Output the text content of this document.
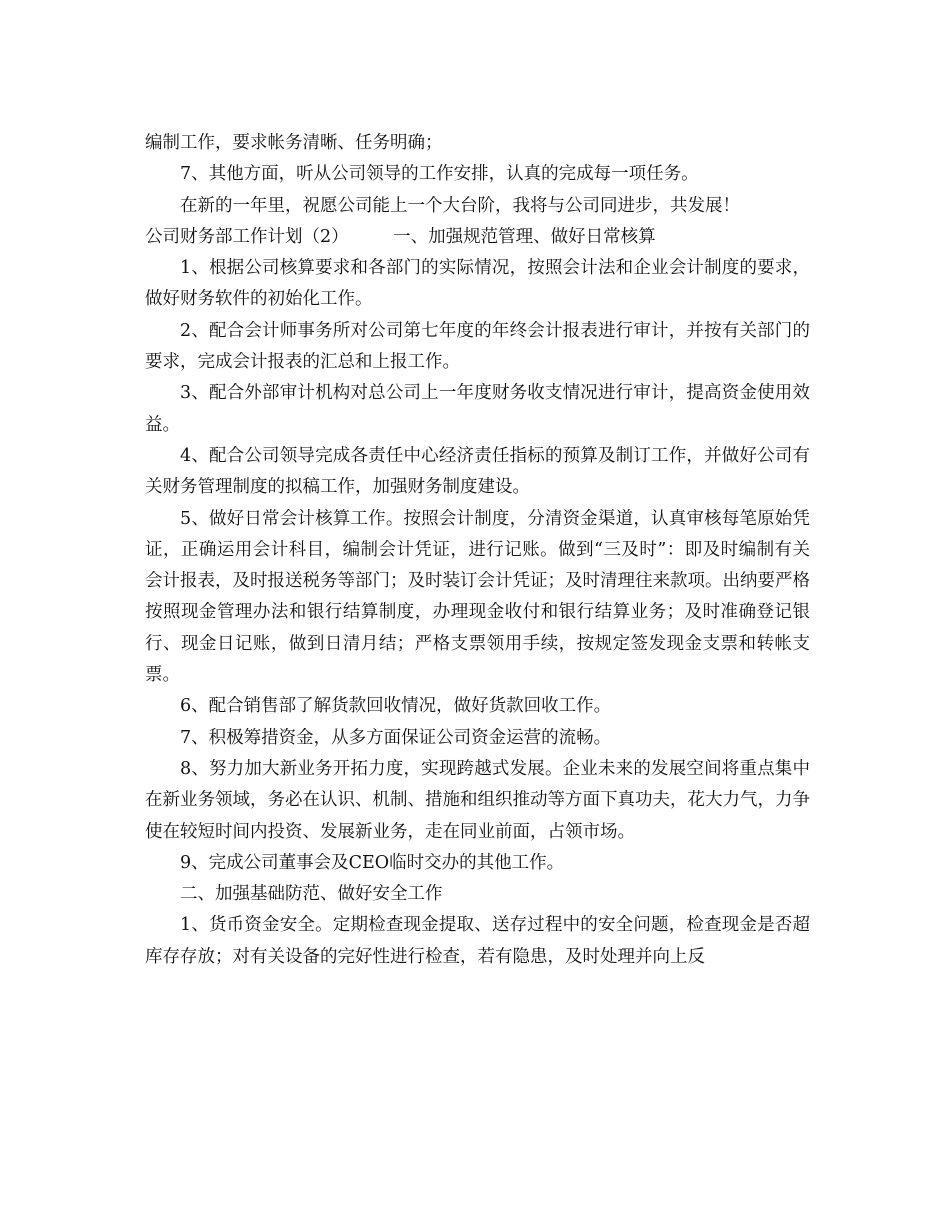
编制工作，要求帐务清晰、任务明确；

7、其他方面，听从公司领导的工作安排，认真的完成每一项任务。

在新的一年里，祝愿公司能上一个大台阶，我将与公司同进步，共发展！

公司财务部工作计划（2）        一、加强规范管理、做好日常核算

1、根据公司核算要求和各部门的实际情况，按照会计法和企业会计制度的要求，做好财务软件的初始化工作。

2、配合会计师事务所对公司第七年度的年终会计报表进行审计，并按有关部门的要求，完成会计报表的汇总和上报工作。

3、配合外部审计机构对总公司上一年度财务收支情况进行审计，提高资金使用效益。

4、配合公司领导完成各责任中心经济责任指标的预算及制订工作，并做好公司有关财务管理制度的拟稿工作，加强财务制度建设。

5、做好日常会计核算工作。按照会计制度，分清资金渠道，认真审核每笔原始凭证，正确运用会计科目，编制会计凭证，进行记账。做到“三及时”：即及时编制有关会计报表，及时报送税务等部门；及时装订会计凭证；及时清理往来款项。出纳要严格按照现金管理办法和银行结算制度，办理现金收付和银行结算业务；及时准确登记银行、现金日记账，做到日清月结；严格支票领用手续，按规定签发现金支票和转帐支票。

6、配合销售部了解货款回收情况，做好货款回收工作。

7、积极筹措资金，从多方面保证公司资金运营的流畅。

8、努力加大新业务开拓力度，实现跨越式发展。企业未来的发展空间将重点集中在新业务领域，务必在认识、机制、措施和组织推动等方面下真功夫，花大力气，力争使在较短时间内投资、发展新业务，走在同业前面，占领市场。

9、完成公司董事会及CEO临时交办的其他工作。

二、加强基础防范、做好安全工作

1、货币资金安全。定期检查现金提取、送存过程中的安全问题，检查现金是否超库存存放；对有关设备的完好性进行检查，若有隐患，及时处理并向上反
